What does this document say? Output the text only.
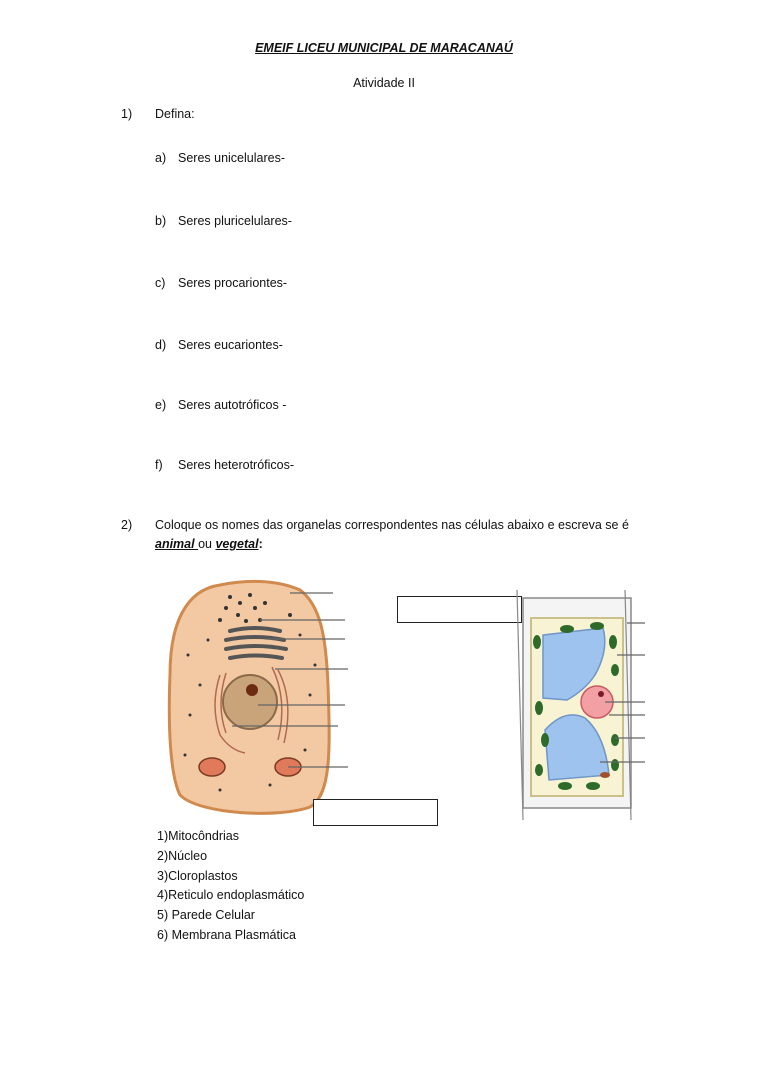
EMEIF LICEU MUNICIPAL DE MARACANAÚ
Atividade II
1) Defina:
a) Seres unicelulares-
b) Seres pluricelulares-
c) Seres procariontes-
d) Seres eucariontes-
e) Seres autotróficos -
f) Seres heterotróficos-
2) Coloque os nomes das organelas correspondentes nas células abaixo e escreva se é
animal ou vegetal:
1)Mitocôndrias
2)Núcleo
3)Cloroplastos
4)Reticulo endoplasmático
5) Parede Celular
6) Membrana Plasmática
